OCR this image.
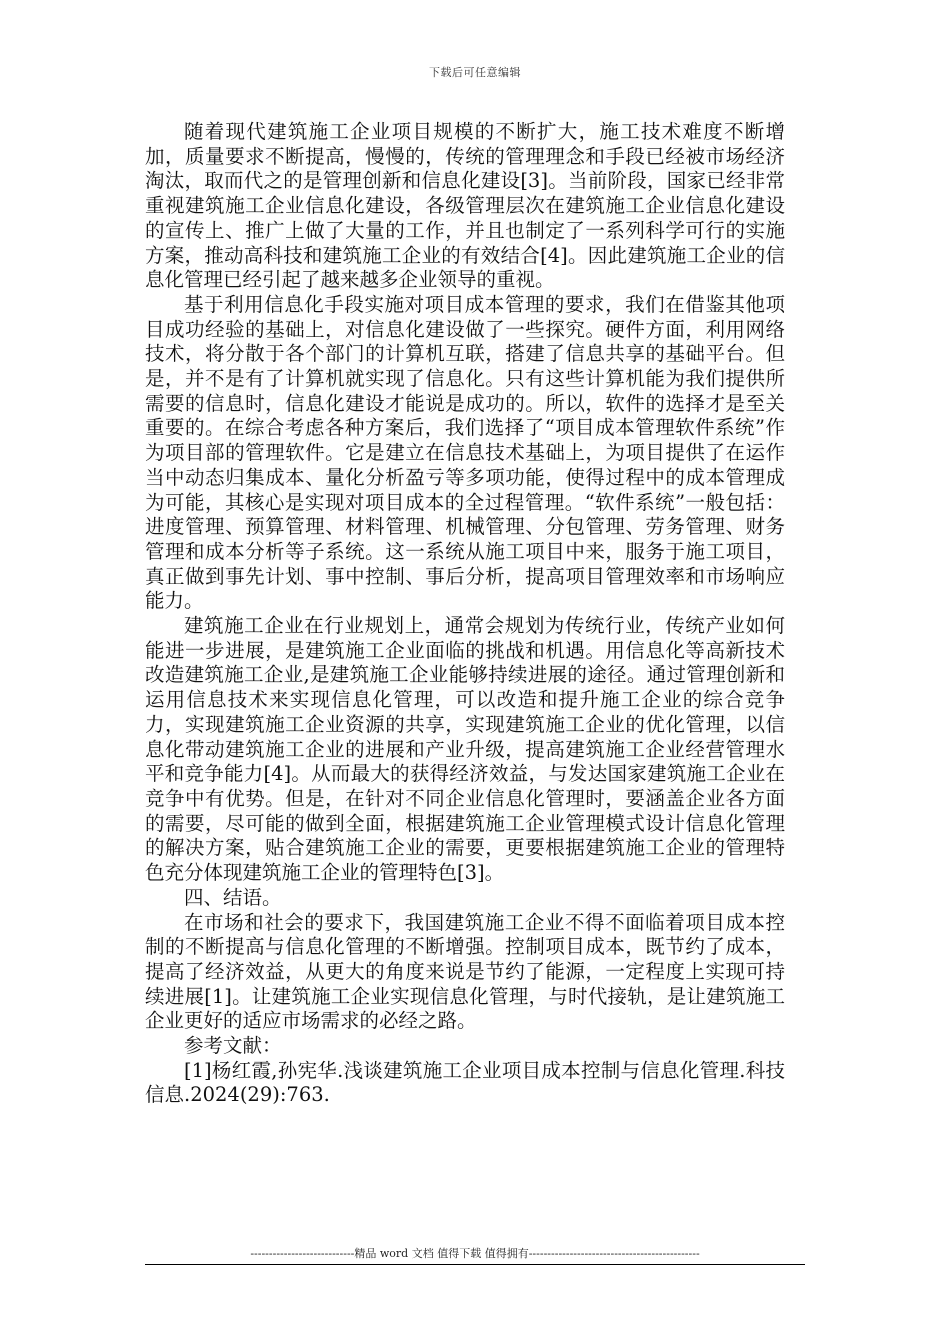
下载后可任意编辑

随着现代建筑施工企业项目规模的不断扩大，施工技术难度不断增加，质量要求不断提高，慢慢的，传统的管理理念和手段已经被市场经济淘汰，取而代之的是管理创新和信息化建设[3]。当前阶段，国家已经非常重视建筑施工企业信息化建设，各级管理层次在建筑施工企业信息化建设的宣传上、推广上做了大量的工作，并且也制定了一系列科学可行的实施方案，推动高科技和建筑施工企业的有效结合[4]。因此建筑施工企业的信息化管理已经引起了越来越多企业领导的重视。

基于利用信息化手段实施对项目成本管理的要求，我们在借鉴其他项目成功经验的基础上，对信息化建设做了一些探究。硬件方面，利用网络技术，将分散于各个部门的计算机互联，搭建了信息共享的基础平台。但是，并不是有了计算机就实现了信息化。只有这些计算机能为我们提供所需要的信息时，信息化建设才能说是成功的。所以，软件的选择才是至关重要的。在综合考虑各种方案后，我们选择了“项目成本管理软件系统”作为项目部的管理软件。它是建立在信息技术基础上，为项目提供了在运作当中动态归集成本、量化分析盈亏等多项功能，使得过程中的成本管理成为可能，其核心是实现对项目成本的全过程管理。“软件系统”一般包括：进度管理、预算管理、材料管理、机械管理、分包管理、劳务管理、财务管理和成本分析等子系统。这一系统从施工项目中来，服务于施工项目，真正做到事先计划、事中控制、事后分析，提高项目管理效率和市场响应能力。

建筑施工企业在行业规划上，通常会规划为传统行业，传统产业如何能进一步进展，是建筑施工企业面临的挑战和机遇。用信息化等高新技术改造建筑施工企业,是建筑施工企业能够持续进展的途径。通过管理创新和运用信息技术来实现信息化管理，可以改造和提升施工企业的综合竞争力，实现建筑施工企业资源的共享，实现建筑施工企业的优化管理，以信息化带动建筑施工企业的进展和产业升级，提高建筑施工企业经营管理水平和竞争能力[4]。从而最大的获得经济效益，与发达国家建筑施工企业在竞争中有优势。但是，在针对不同企业信息化管理时，要涵盖企业各方面的需要，尽可能的做到全面，根据建筑施工企业管理模式设计信息化管理的解决方案，贴合建筑施工企业的需要，更要根据建筑施工企业的管理特色充分体现建筑施工企业的管理特色[3]。

四、结语。

在市场和社会的要求下，我国建筑施工企业不得不面临着项目成本控制的不断提高与信息化管理的不断增强。控制项目成本，既节约了成本，提高了经济效益，从更大的角度来说是节约了能源，一定程度上实现可持续进展[1]。让建筑施工企业实现信息化管理，与时代接轨，是让建筑施工企业更好的适应市场需求的必经之路。

参考文献：

[1]杨红霞,孙宪华.浅谈建筑施工企业项目成本控制与信息化管理.科技信息.2024(29):763.

----------------------------精品 word 文档 值得下载 值得拥有----------------------------------------------
